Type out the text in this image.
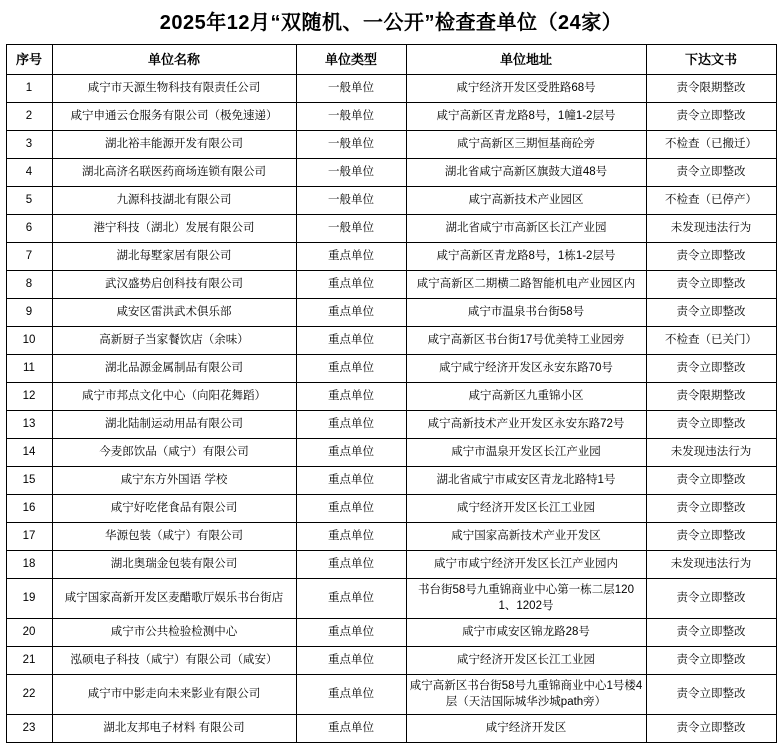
2025年12月“双随机、一公开”检查查单位（24家）
序号	单位名称	单位类型	单位地址	下达文书
1	咸宁市天源生物科技有限责任公司	一般单位	咸宁经济开发区受胜路68号	责令限期整改
2	咸宁申通云仓服务有限公司（极免速递）	一般单位	咸宁高新区青龙路8号，1幢1-2层号	责令立即整改
3	湖北裕丰能源开发有限公司	一般单位	咸宁高新区三期恒基商砼旁	不检查（已搬迁）
4	湖北高济名联医药商场连锁有限公司	一般单位	湖北省咸宁高新区旗鼓大道48号	责令立即整改
5	九源科技湖北有限公司	一般单位	咸宁高新技术产业园区	不检查（已停产）
6	港宁科技（湖北）发展有限公司	一般单位	湖北省咸宁市高新区长江产业园	未发现违法行为
7	湖北每墅家居有限公司	重点单位	咸宁高新区青龙路8号，1栋1-2层号	责令立即整改
8	武汉盛势启创科技有限公司	重点单位	咸宁高新区二期横二路智能机电产业园区内	责令立即整改
9	咸安区雷洪武术俱乐部	重点单位	咸宁市温泉书台街58号	责令立即整改
10	高新厨子当家餐饮店（余味）	重点单位	咸宁高新区书台街17号优美特工业园旁	不检查（已关门）
11	湖北品源金属制品有限公司	重点单位	咸宁咸宁经济开发区永安东路70号	责令立即整改
12	咸宁市邦点文化中心（向阳花舞蹈）	重点单位	咸宁高新区九重锦小区	责令限期整改
13	湖北陆制运动用品有限公司	重点单位	咸宁高新技术产业开发区永安东路72号	责令立即整改
14	今麦郎饮品（咸宁）有限公司	重点单位	咸宁市温泉开发区长江产业园	未发现违法行为
15	咸宁东方外国语 学校	重点单位	湖北省咸宁市咸安区青龙北路特1号	责令立即整改
16	咸宁好吃佬食品有限公司	重点单位	咸宁经济开发区长江工业园	责令立即整改
17	华源包装（咸宁）有限公司	重点单位	咸宁国家高新技术产业开发区	责令立即整改
18	湖北奥瑞金包装有限公司	重点单位	咸宁市咸宁经济开发区长江产业园内	未发现违法行为
19	咸宁国家高新开发区麦醋歌厅娱乐书台街店	重点单位	书台街58号九重锦商业中心第一栋二层1201、1202号	责令立即整改
20	咸宁市公共检验检测中心	重点单位	咸宁市咸安区锦龙路28号	责令立即整改
21	泓硕电子科技（咸宁）有限公司（咸安）	重点单位	咸宁经济开发区长江工业园	责令立即整改
22	咸宁市中影走向未来影业有限公司	重点单位	咸宁高新区书台街58号九重锦商业中心1号楼4层（天洁国际城华沙城path旁）	责令立即整改
23	湖北友邦电子材料 有限公司	重点单位	咸宁经济开发区	责令立即整改
